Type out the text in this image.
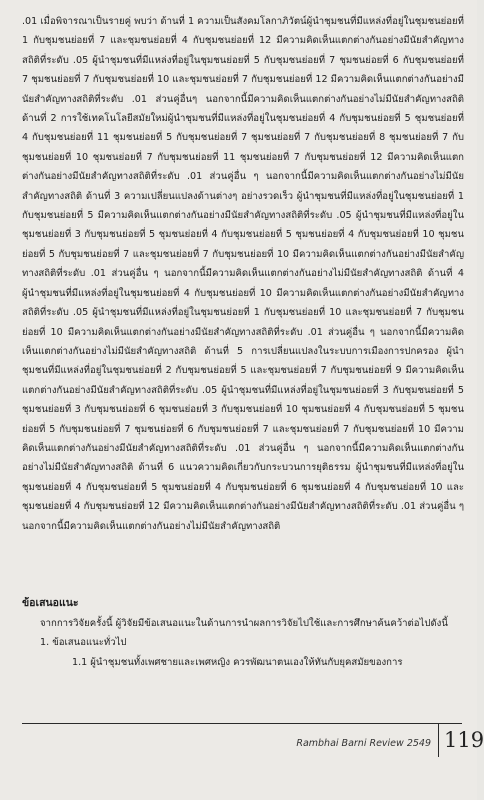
.01 เมื่อพิจารณาเป็นรายคู่ พบว่า ด้านที่ 1 ความเป็นสังคมโลกาภิวัตน์ผู้นำชุมชนที่มีแหล่งที่อยู่ในชุมชนย่อยที่ 1 กับชุมชนย่อยที่ 7 และชุมชนย่อยที่ 4 กับชุมชนย่อยที่ 12 มีความคิดเห็นแตกต่างกันอย่างมีนัยสำคัญทางสถิติที่ระดับ .05 ผู้นำชุมชนที่มีแหล่งที่อยู่ในชุมชนย่อยที่ 5 กับชุมชนย่อยที่ 7 ชุมชนย่อยที่ 6 กับชุมชนย่อยที่ 7 ชุมชนย่อยที่ 7 กับชุมชนย่อยที่ 10 และชุมชนย่อยที่ 7 กับชุมชนย่อยที่ 12 มีความคิดเห็นแตกต่างกันอย่างมีนัยสำคัญทางสถิติที่ระดับ .01 ส่วนคู่อื่นๆ นอกจากนี้มีความคิดเห็นแตกต่างกันอย่างไม่มีนัยสำคัญทางสถิติ ด้านที่ 2 การใช้เทคโนโลยีสมัยใหม่ผู้นำชุมชนที่มีแหล่งที่อยู่ในชุมชนย่อยที่ 4 กับชุมชนย่อยที่ 5 ชุมชนย่อยที่ 4 กับชุมชนย่อยที่ 11 ชุมชนย่อยที่ 5 กับชุมชนย่อยที่ 7 ชุมชนย่อยที่ 7 กับชุมชนย่อยที่ 8 ชุมชนย่อยที่ 7 กับชุมชนย่อยที่ 10 ชุมชนย่อยที่ 7 กับชุมชนย่อยที่ 11 ชุมชนย่อยที่ 7 กับชุมชนย่อยที่ 12 มีความคิดเห็นแตกต่างกันอย่างมีนัยสำคัญทางสถิติที่ระดับ .01 ส่วนคู่อื่น ๆ นอกจากนี้มีความคิดเห็นแตกต่างกันอย่างไม่มีนัยสำคัญทางสถิติ ด้านที่ 3 ความเปลี่ยนแปลงด้านต่างๆ อย่างรวดเร็ว ผู้นำชุมชนที่มีแหล่งที่อยู่ในชุมชนย่อยที่ 1 กับชุมชนย่อยที่ 5 มีความคิดเห็นแตกต่างกันอย่างมีนัยสำคัญทางสถิติที่ระดับ .05 ผู้นำชุมชนที่มีแหล่งที่อยู่ในชุมชนย่อยที่ 3 กับชุมชนย่อยที่ 5 ชุมชนย่อยที่ 4 กับชุมชนย่อยที่ 5 ชุมชนย่อยที่ 4 กับชุมชนย่อยที่ 10 ชุมชนย่อยที่ 5 กับชุมชนย่อยที่ 7 และชุมชนย่อยที่ 7 กับชุมชนย่อยที่ 10 มีความคิดเห็นแตกต่างกันอย่างมีนัยสำคัญทางสถิติที่ระดับ .01 ส่วนคู่อื่น ๆ นอกจากนี้มีความคิดเห็นแตกต่างกันอย่างไม่มีนัยสำคัญทางสถิติ ด้านที่ 4 ผู้นำชุมชนที่มีแหล่งที่อยู่ในชุมชนย่อยที่ 4 กับชุมชนย่อยที่ 10 มีความคิดเห็นแตกต่างกันอย่างมีนัยสำคัญทางสถิติที่ระดับ .05 ผู้นำชุมชนที่มีแหล่งที่อยู่ในชุมชนย่อยที่ 1 กับชุมชนย่อยที่ 10 และชุมชนย่อยที่ 7 กับชุมชนย่อยที่ 10 มีความคิดเห็นแตกต่างกันอย่างมีนัยสำคัญทางสถิติที่ระดับ .01 ส่วนคู่อื่น ๆ นอกจากนี้มีความคิดเห็นแตกต่างกันอย่างไม่มีนัยสำคัญทางสถิติ ด้านที่ 5 การเปลี่ยนแปลงในระบบการเมืองการปกครอง ผู้นำชุมชนที่มีแหล่งที่อยู่ในชุมชนย่อยที่ 2 กับชุมชนย่อยที่ 5 และชุมชนย่อยที่ 7 กับชุมชนย่อยที่ 9 มีความคิดเห็นแตกต่างกันอย่างมีนัยสำคัญทางสถิติที่ระดับ .05 ผู้นำชุมชนที่มีแหล่งที่อยู่ในชุมชนย่อยที่ 3 กับชุมชนย่อยที่ 5 ชุมชนย่อยที่ 3 กับชุมชนย่อยที่ 6 ชุมชนย่อยที่ 3 กับชุมชนย่อยที่ 10 ชุมชนย่อยที่ 4 กับชุมชนย่อยที่ 5 ชุมชนย่อยที่ 5 กับชุมชนย่อยที่ 7 ชุมชนย่อยที่ 6 กับชุมชนย่อยที่ 7 และชุมชนย่อยที่ 7 กับชุมชนย่อยที่ 10 มีความคิดเห็นแตกต่างกันอย่างมีนัยสำคัญทางสถิติที่ระดับ .01 ส่วนคู่อื่น ๆ นอกจากนี้มีความคิดเห็นแตกต่างกันอย่างไม่มีนัยสำคัญทางสถิติ ด้านที่ 6 แนวความคิดเกี่ยวกับกระบวนการยุติธรรม ผู้นำชุมชนที่มีแหล่งที่อยู่ในชุมชนย่อยที่ 4 กับชุมชนย่อยที่ 5 ชุมชนย่อยที่ 4 กับชุมชนย่อยที่ 6 ชุมชนย่อยที่ 4 กับชุมชนย่อยที่ 10 และชุมชนย่อยที่ 4 กับชุมชนย่อยที่ 12 มีความคิดเห็นแตกต่างกันอย่างมีนัยสำคัญทางสถิติที่ระดับ .01 ส่วนคู่อื่น ๆ นอกจากนี้มีความคิดเห็นแตกต่างกันอย่างไม่มีนัยสำคัญทางสถิติ

ข้อเสนอแนะ

จากการวิจัยครั้งนี้ ผู้วิจัยมีข้อเสนอแนะในด้านการนำผลการวิจัยไปใช้และการศึกษาค้นคว้าต่อไปดังนี้

1. ข้อเสนอแนะทั่วไป

1.1 ผู้นำชุมชนทั้งเพศชายและเพศหญิง ควรพัฒนาตนเองให้ทันกับยุคสมัยของการ

Rambhai Barni Review 2549 119
